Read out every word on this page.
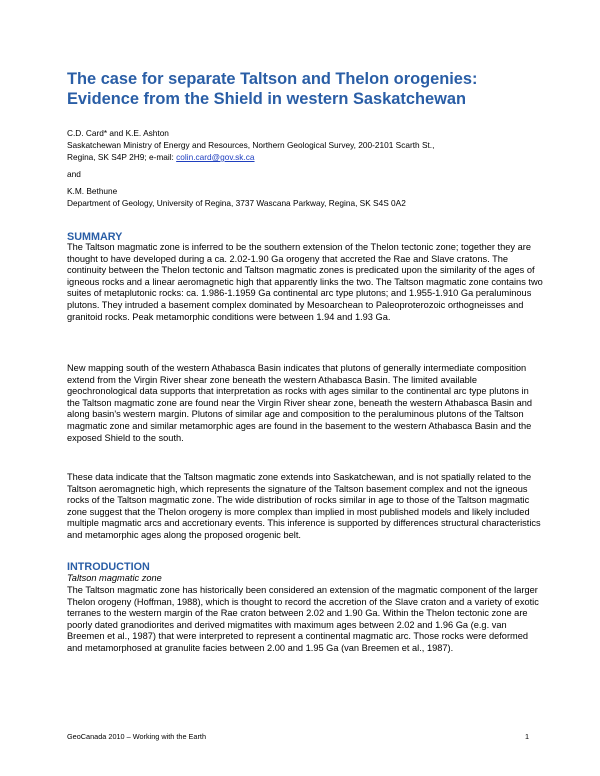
The case for separate Taltson and Thelon orogenies:
Evidence from the Shield in western Saskatchewan

C.D. Card* and K.E. Ashton

Saskatchewan Ministry of Energy and Resources, Northern Geological Survey, 200-2101 Scarth St.,

Regina, SK S4P 2H9; e-mail: colin.card@gov.sk.ca

and

K.M. Bethune

Department of Geology, University of Regina, 3737 Wascana Parkway, Regina, SK S4S 0A2

SUMMARY

The Taltson magmatic zone is inferred to be the southern extension of the Thelon tectonic zone; together they are thought to have developed during a ca. 2.02-1.90 Ga orogeny that accreted the Rae and Slave cratons. The continuity between the Thelon tectonic and Taltson magmatic zones is predicated upon the similarity of the ages of igneous rocks and a linear aeromagnetic high that apparently links the two. The Taltson magmatic zone contains two suites of metaplutonic rocks: ca. 1.986-1.1959 Ga continental arc type plutons; and 1.955-1.910 Ga peraluminous plutons. They intruded a basement complex dominated by Mesoarchean to Paleoproterozoic orthogneisses and granitoid rocks. Peak metamorphic conditions were between 1.94 and 1.93 Ga.

New mapping south of the western Athabasca Basin indicates that plutons of generally intermediate composition extend from the Virgin River shear zone beneath the western Athabasca Basin. The limited available geochronological data supports that interpretation as rocks with ages similar to the continental arc type plutons in the Taltson magmatic zone are found near the Virgin River shear zone, beneath the western Athabasca Basin and along basin's western margin. Plutons of similar age and composition to the peraluminous plutons of the Taltson magmatic zone and similar metamorphic ages are found in the basement to the western Athabasca Basin and the exposed Shield to the south.

These data indicate that the Taltson magmatic zone extends into Saskatchewan, and is not spatially related to the Taltson aeromagnetic high, which represents the signature of the Taltson basement complex and not the igneous rocks of the Taltson magmatic zone. The wide distribution of rocks similar in age to those of the Taltson magmatic zone suggest that the Thelon orogeny is more complex than implied in most published models and likely included multiple magmatic arcs and accretionary events. This inference is supported by differences structural characteristics and metamorphic ages along the proposed orogenic belt.

INTRODUCTION

Taltson magmatic zone

The Taltson magmatic zone has historically been considered an extension of the magmatic component of the larger Thelon orogeny (Hoffman, 1988), which is thought to record the accretion of the Slave craton and a variety of exotic terranes to the western margin of the Rae craton between 2.02 and 1.90 Ga. Within the Thelon tectonic zone are poorly dated granodiorites and derived migmatites with maximum ages between 2.02 and 1.96 Ga (e.g. van Breemen et al., 1987) that were interpreted to represent a continental magmatic arc. Those rocks were deformed and metamorphosed at granulite facies between 2.00 and 1.95 Ga (van Breemen et al., 1987).

GeoCanada 2010 – Working with the Earth	1
